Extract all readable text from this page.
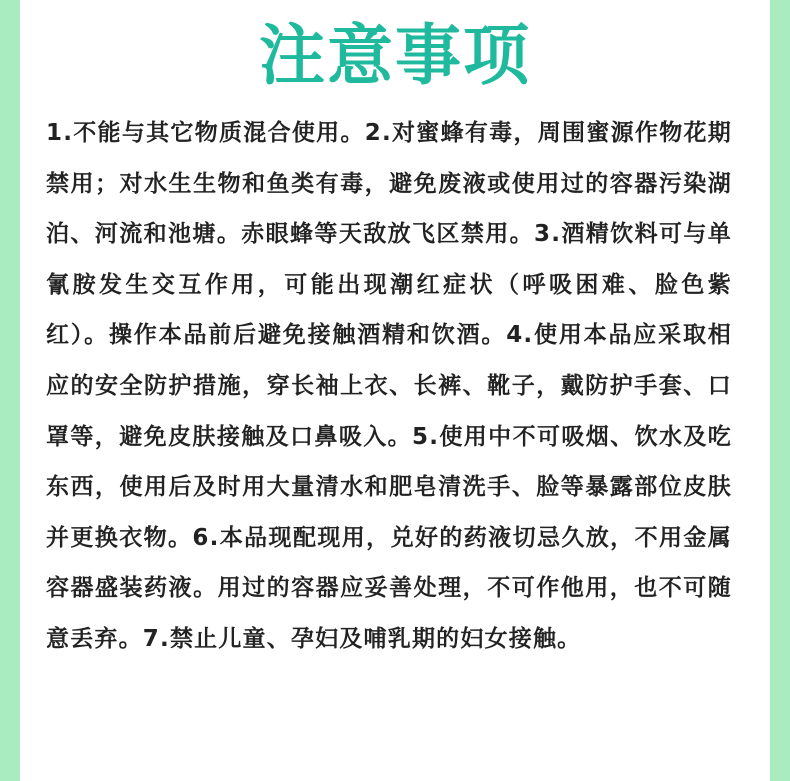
注意事项
1.不能与其它物质混合使用。2.对蜜蜂有毒，周围蜜源作物花期禁用；对水生生物和鱼类有毒，避免废液或使用过的容器污染湖泊、河流和池塘。赤眼蜂等天敌放飞区禁用。3.酒精饮料可与单氰胺发生交互作用，可能出现潮红症状（呼吸困难、脸色紫红）。操作本品前后避免接触酒精和饮酒。4.使用本品应采取相应的安全防护措施，穿长袖上衣、长裤、靴子，戴防护手套、口罩等，避免皮肤接触及口鼻吸入。5.使用中不可吸烟、饮水及吃东西，使用后及时用大量清水和肥皂清洗手、脸等暴露部位皮肤并更换衣物。6.本品现配现用，兑好的药液切忌久放，不用金属容器盛装药液。用过的容器应妥善处理，不可作他用，也不可随意丢弃。7.禁止儿童、孕妇及哺乳期的妇女接触。
